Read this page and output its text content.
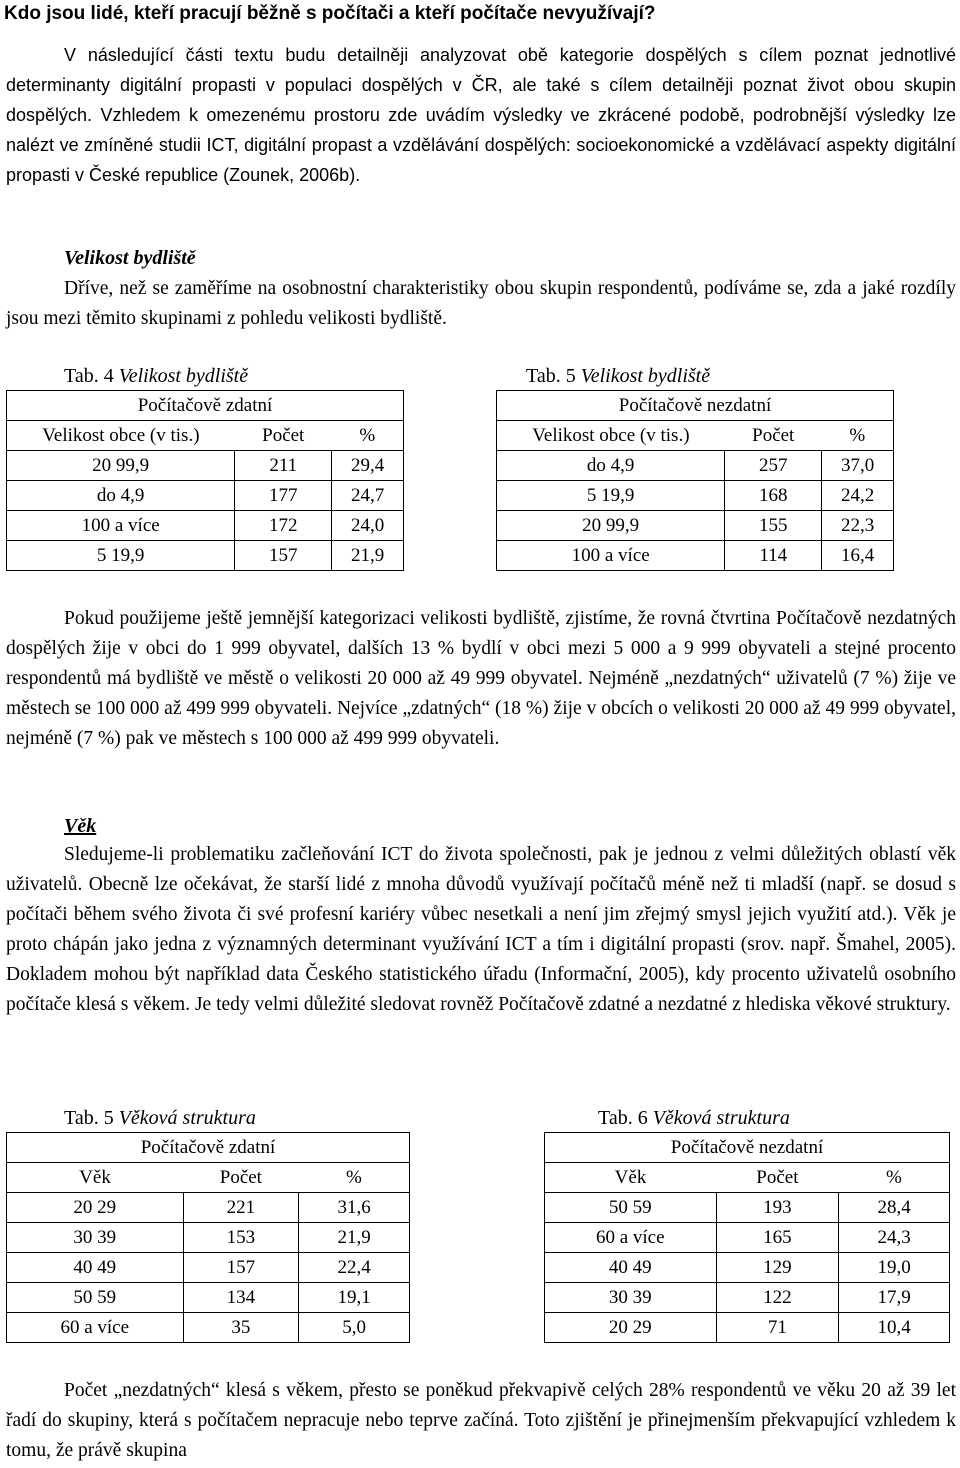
Kdo jsou lidé, kteří pracují běžně s počítači a kteří počítače nevyužívají?
V následující části textu budu detailněji analyzovat obě kategorie dospělých s cílem poznat jednotlivé determinanty digitální propasti v populaci dospělých v ČR, ale také s cílem detailněji poznat život obou skupin dospělých. Vzhledem k omezenému prostoru zde uvádím výsledky ve zkrácené podobě, podrobnější výsledky lze nalézt ve zmíněné studii ICT, digitální propast a vzdělávání dospělých: socioekonomické a vzdělávací aspekty digitální propasti v České republice (Zounek, 2006b).
Velikost bydliště
Dříve, než se zaměříme na osobnostní charakteristiky obou skupin respondentů, podíváme se, zda a jaké rozdíly jsou mezi těmito skupinami z pohledu velikosti bydliště.
Tab. 4 Velikost bydliště
Počítačově zdatní		
Velikost obce (v tis.)	Počet	%
20 99,9	211	29,4
do 4,9	177	24,7
100 a více	172	24,0
5 19,9	157	21,9
Tab. 5 Velikost bydliště
Počítačově nezdatní		
Velikost obce (v tis.)	Počet	%
do 4,9	257	37,0
5 19,9	168	24,2
20 99,9	155	22,3
100 a více	114	16,4
Pokud použijeme ještě jemnější kategorizaci velikosti bydliště, zjistíme, že rovná čtvrtina Počítačově nezdatných dospělých žije v obci do 1 999 obyvatel, dalších 13 % bydlí v obci mezi 5 000 a 9 999 obyvateli a stejné procento respondentů má bydliště ve městě o velikosti 20 000 až 49 999 obyvatel. Nejméně „nezdatných“ uživatelů (7 %) žije ve městech se 100 000 až 499 999 obyvateli. Nejvíce „zdatných“ (18 %) žije v obcích o velikosti 20 000 až 49 999 obyvatel, nejméně (7 %) pak ve městech s 100 000 až 499 999 obyvateli.
Věk
Sledujeme-li problematiku začleňování ICT do života společnosti, pak je jednou z velmi důležitých oblastí věk uživatelů. Obecně lze očekávat, že starší lidé z mnoha důvodů využívají počítačů méně než ti mladší (např. se dosud s počítači během svého života či své profesní kariéry vůbec nesetkali a není jim zřejmý smysl jejich využití atd.). Věk je proto chápán jako jedna z významných determinant využívání ICT a tím i digitální propasti (srov. např. Šmahel, 2005). Dokladem mohou být například data Českého statistického úřadu (Informační, 2005), kdy procento uživatelů osobního počítače klesá s věkem. Je tedy velmi důležité sledovat rovněž Počítačově zdatné a nezdatné z hlediska věkové struktury.
Tab. 5 Věková struktura
Počítačově zdatní		
Věk	Počet	%
20 29	221	31,6
30 39	153	21,9
40 49	157	22,4
50 59	134	19,1
60 a více	35	5,0
Tab. 6 Věková struktura
Počítačově nezdatní		
Věk	Počet	%
50 59	193	28,4
60 a více	165	24,3
40 49	129	19,0
30 39	122	17,9
20 29	71	10,4
Počet „nezdatných“ klesá s věkem, přesto se poněkud překvapivě celých 28% respondentů ve věku 20 až 39 let řadí do skupiny, která s počítačem nepracuje nebo teprve začíná. Toto zjištění je přinejmenším překvapující vzhledem k tomu, že právě skupina
